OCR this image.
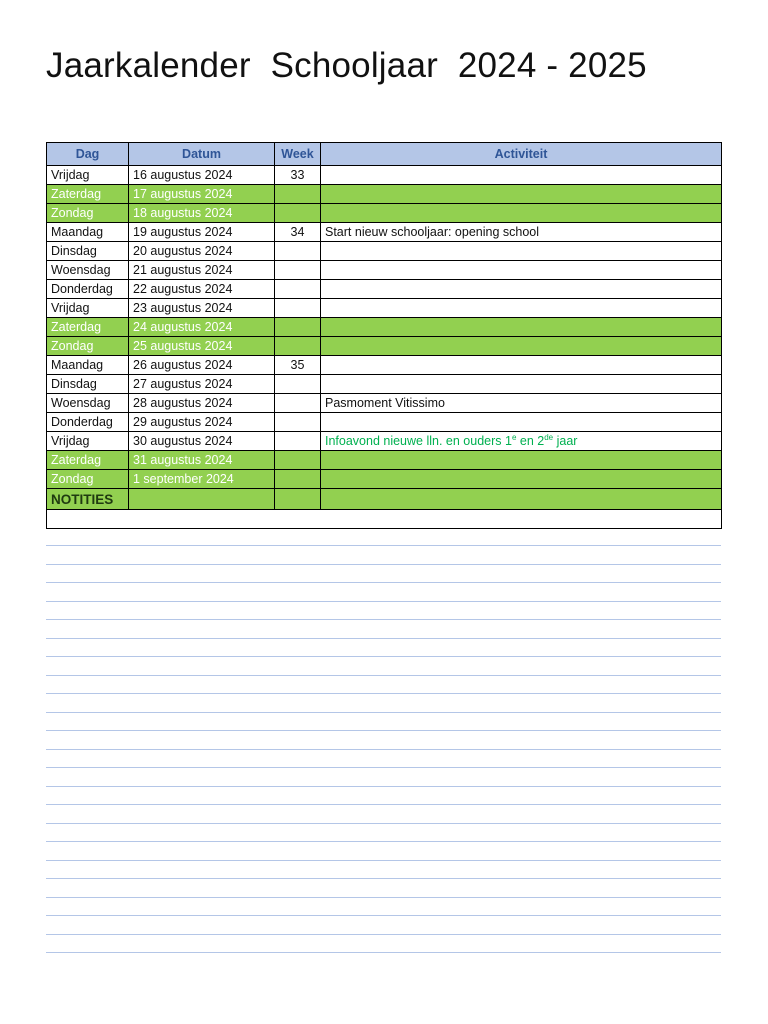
Jaarkalender  Schooljaar  2024 - 2025
Dag	Datum	Week	Activiteit
Vrijdag	16 augustus 2024	33	
Zaterdag	17 augustus 2024		
Zondag	18 augustus 2024		
Maandag	19 augustus 2024	34	Start nieuw schooljaar: opening school
Dinsdag	20 augustus 2024		
Woensdag	21 augustus 2024		
Donderdag	22 augustus 2024		
Vrijdag	23 augustus 2024		
Zaterdag	24 augustus 2024		
Zondag	25 augustus 2024		
Maandag	26 augustus 2024	35	
Dinsdag	27 augustus 2024		
Woensdag	28 augustus 2024		Pasmoment Vitissimo
Donderdag	29 augustus 2024		
Vrijdag	30 augustus 2024		Infoavond nieuwe lln. en ouders 1e en 2de jaar
Zaterdag	31 augustus 2024		
Zondag	1 september 2024		
NOTITIES			
